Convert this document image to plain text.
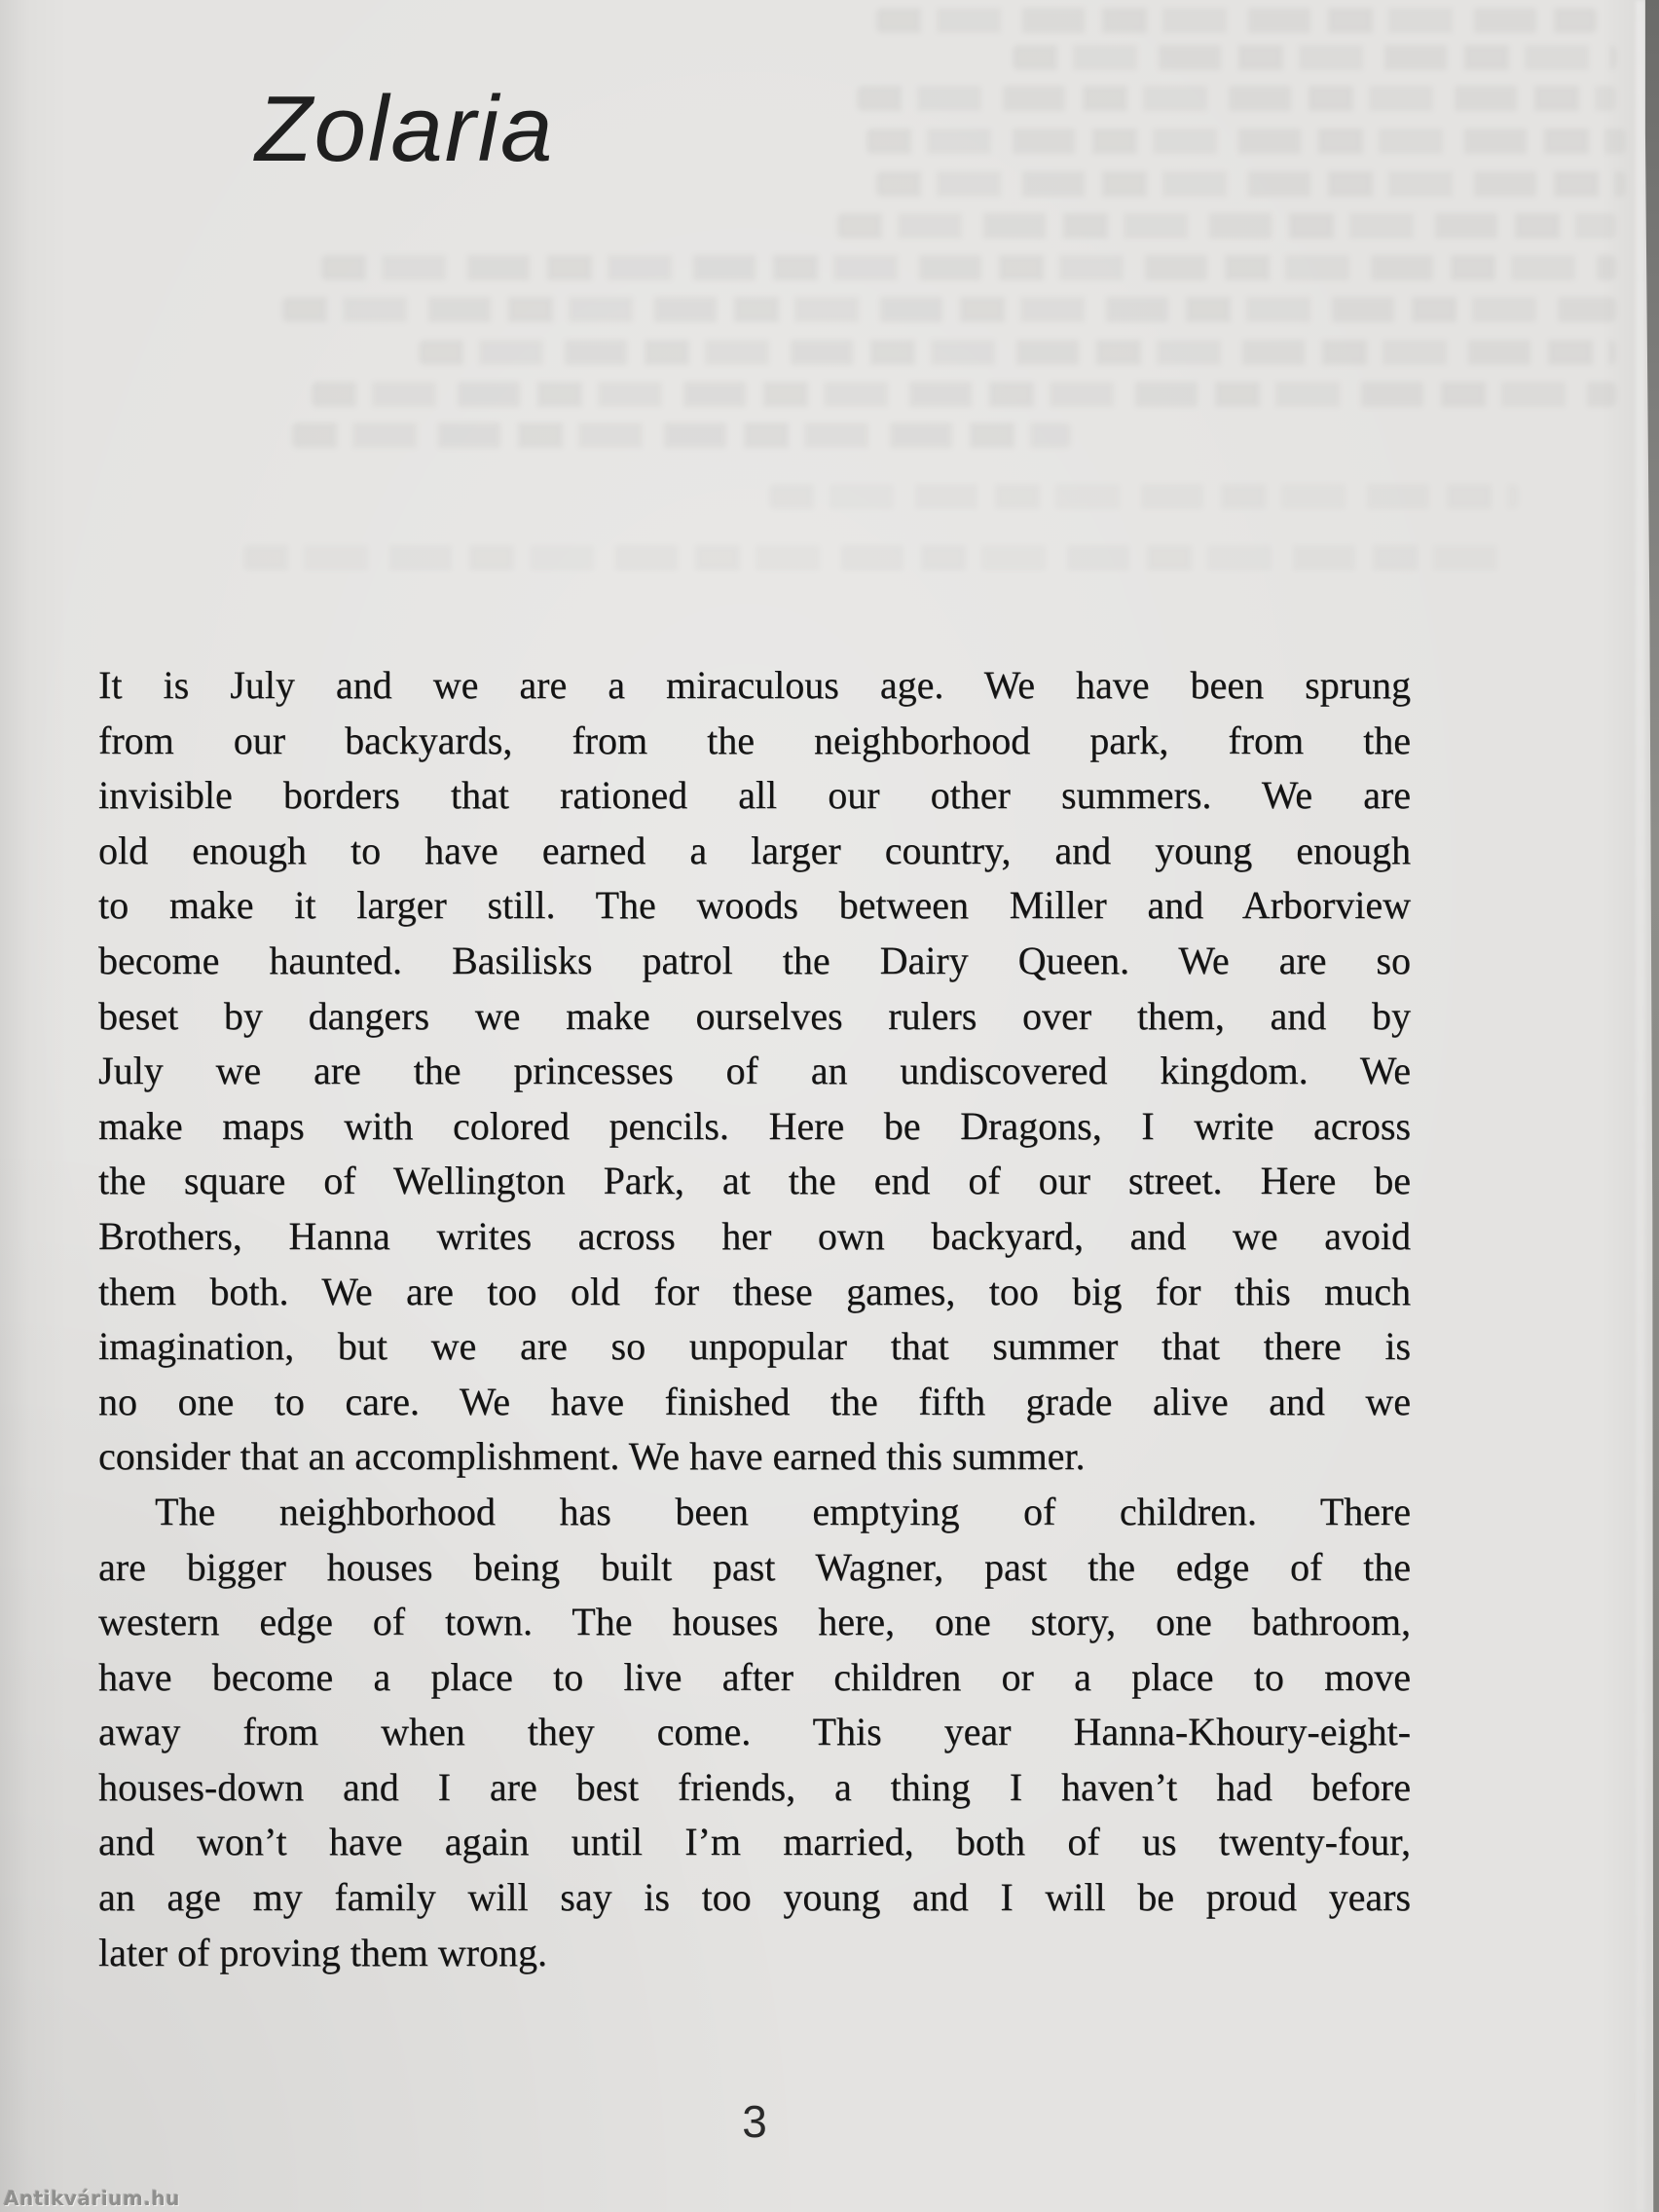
Zolaria
It is July and we are a miraculous age. We have been sprung
from our backyards, from the neighborhood park, from the
invisible borders that rationed all our other summers. We are
old enough to have earned a larger country, and young enough
to make it larger still. The woods between Miller and Arborview
become haunted. Basilisks patrol the Dairy Queen. We are so
beset by dangers we make ourselves rulers over them, and by
July we are the princesses of an undiscovered kingdom. We
make maps with colored pencils. Here be Dragons, I write across
the square of Wellington Park, at the end of our street. Here be
Brothers, Hanna writes across her own backyard, and we avoid
them both. We are too old for these games, too big for this much
imagination, but we are so unpopular that summer that there is
no one to care. We have finished the fifth grade alive and we
consider that an accomplishment. We have earned this summer.
The neighborhood has been emptying of children. There
are bigger houses being built past Wagner, past the edge of the
western edge of town. The houses here, one story, one bathroom,
have become a place to live after children or a place to move
away from when they come. This year Hanna-Khoury-eight-
houses-down and I are best friends, a thing I haven’t had before
and won’t have again until I’m married, both of us twenty-four,
an age my family will say is too young and I will be proud years
later of proving them wrong.
3
Antikvárium.hu
